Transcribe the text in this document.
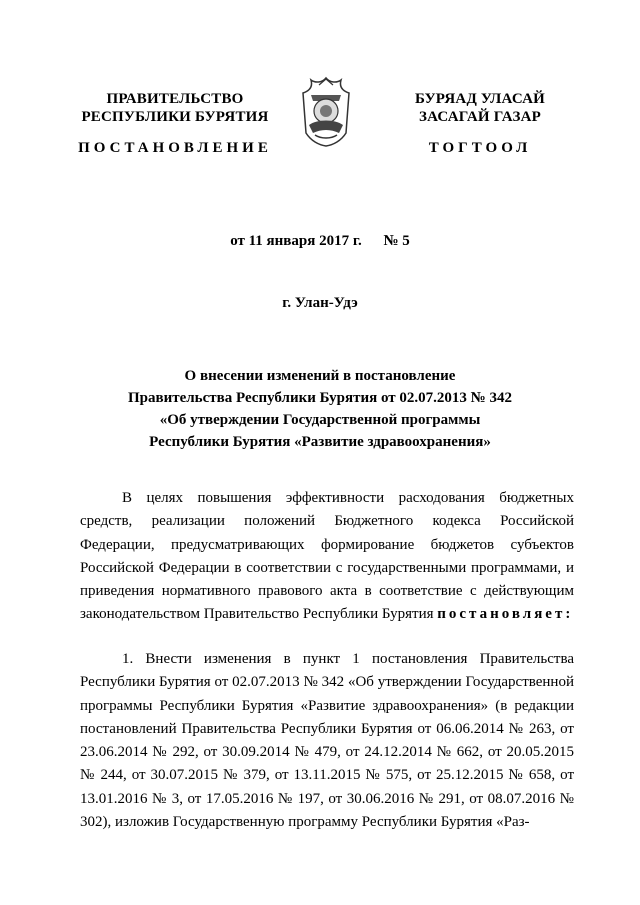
ПРАВИТЕЛЬСТВО
РЕСПУБЛИКИ БУРЯТИЯ
БУРЯАД УЛАСАЙ
ЗАСАГАЙ ГАЗАР
ПОСТАНОВЛЕНИЕ	ТОГТООЛ
от 11 января 2017 г. № 5
г. Улан-Удэ
О внесении изменений в постановление
Правительства Республики Бурятия от 02.07.2013 № 342
«Об утверждении Государственной программы
Республики Бурятия «Развитие здравоохранения»
В целях повышения эффективности расходования бюджетных средств, реализации положений Бюджетного кодекса Российской Федерации, предусматривающих формирование бюджетов субъектов Российской Федерации в соответствии с государственными программами, и приведения нормативного правового акта в соответствие с действующим законодательством Правительство Республики Бурятия постановляет:
1. Внести изменения в пункт 1 постановления Правительства Республики Бурятия от 02.07.2013 № 342 «Об утверждении Государственной программы Республики Бурятия «Развитие здравоохранения» (в редакции постановлений Правительства Республики Бурятия от 06.06.2014 № 263, от 23.06.2014 № 292, от 30.09.2014 № 479, от 24.12.2014 № 662, от 20.05.2015 № 244, от 30.07.2015 № 379, от 13.11.2015 № 575, от 25.12.2015 № 658, от 13.01.2016 № 3, от 17.05.2016 № 197, от 30.06.2016 № 291, от 08.07.2016 № 302), изложив Государственную программу Республики Бурятия «Раз-
